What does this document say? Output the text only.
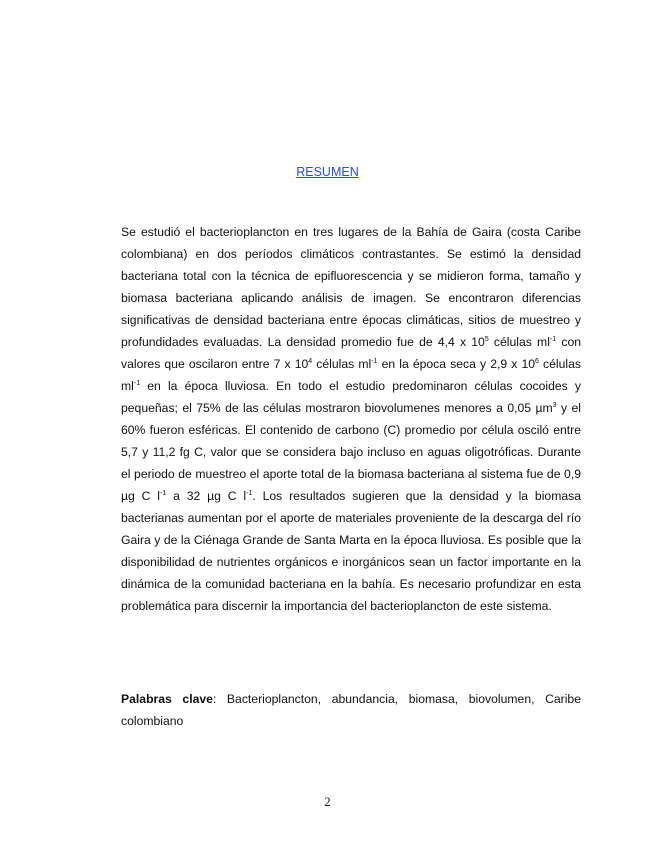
RESUMEN

Se estudió el bacterioplancton en tres lugares de la Bahía de Gaira (costa Caribe colombiana) en dos períodos climáticos contrastantes. Se estimó la densidad bacteriana total con la técnica de epifluorescencia y se midieron forma, tamaño y biomasa bacteriana aplicando análisis de imagen. Se encontraron diferencias significativas de densidad bacteriana entre épocas climáticas, sitios de muestreo y profundidades evaluadas. La densidad promedio fue de 4,4 x $10^5$ células $ml^{-1}$ con valores que oscilaron entre 7 x $10^4$ células $ml^{-1}$ en la época seca y 2,9 x $10^6$ células $ml^{-1}$ en la época lluviosa. En todo el estudio predominaron células cocoides y pequeñas; el 75% de las células mostraron biovolumenes menores a 0,05 µm$^3$ y el 60% fueron esféricas. El contenido de carbono (C) promedio por célula osciló entre 5,7 y 11,2 fg C, valor que se considera bajo incluso en aguas oligotróficas. Durante el periodo de muestreo el aporte total de la biomasa bacteriana al sistema fue de 0,9 µg C $l^{-1}$ a 32 µg C $l^{-1}$. Los resultados sugieren que la densidad y la biomasa bacterianas aumentan por el aporte de materiales proveniente de la descarga del río Gaira y de la Ciénaga Grande de Santa Marta en la época lluviosa. Es posible que la disponibilidad de nutrientes orgánicos e inorgánicos sean un factor importante en la dinámica de la comunidad bacteriana en la bahía. Es necesario profundizar en esta problemática para discernir la importancia del bacterioplancton de este sistema.

Palabras clave: Bacterioplancton, abundancia, biomasa, biovolumen, Caribe colombiano

2
